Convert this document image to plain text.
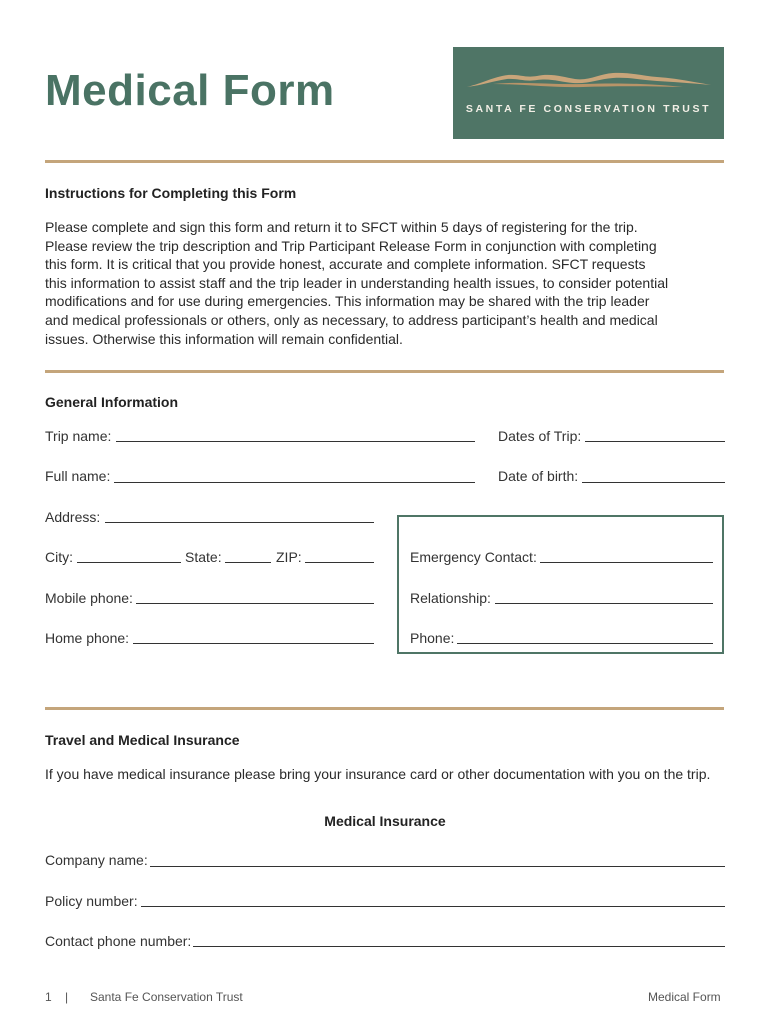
Medical Form	SANTA FE CONSERVATION TRUST
Instructions for Completing this Form
Please complete and sign this form and return it to SFCT within 5 days of registering for the trip.
Please review the trip description and Trip Participant Release Form in conjunction with completing
this form. It is critical that you provide honest, accurate and complete information. SFCT requests
this information to assist staff and the trip leader in understanding health issues, to consider potential
modifications and for use during emergencies. This information may be shared with the trip leader
and medical professionals or others, only as necessary, to address participant’s health and medical
issues. Otherwise this information will remain confidential.
General Information
Trip name:	Dates of Trip:
Full name:	Date of birth:
Address:
City:	State:	ZIP:
Mobile phone:
Home phone:
Emergency Contact:
Relationship:
Phone:
Travel and Medical Insurance
If you have medical insurance please bring your insurance card or other documentation with you on the trip.
Medical Insurance
Company name:
Policy number:
Contact phone number:
1 | Santa Fe Conservation Trust	Medical Form
